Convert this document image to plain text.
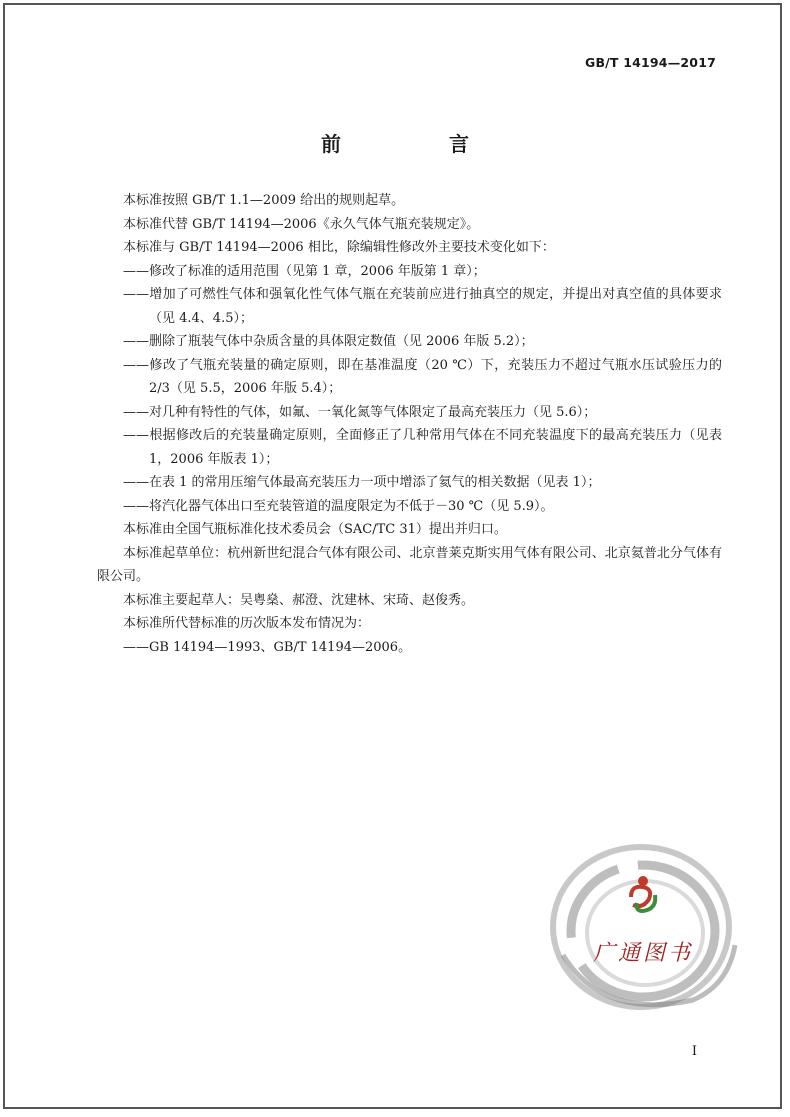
GB/T 14194—2017
前　言

本标准按照 GB/T 1.1—2009 给出的规则起草。

本标准代替 GB/T 14194—2006《永久气体气瓶充装规定》。

本标准与 GB/T 14194—2006 相比，除编辑性修改外主要技术变化如下：

——修改了标准的适用范围（见第 1 章，2006 年版第 1 章）；

——增加了可燃性气体和强氧化性气体气瓶在充装前应进行抽真空的规定，并提出对真空值的具体要求（见 4.4、4.5）；

——删除了瓶装气体中杂质含量的具体限定数值（见 2006 年版 5.2）；

——修改了气瓶充装量的确定原则，即在基准温度（20 ℃）下，充装压力不超过气瓶水压试验压力的 2/3（见 5.5，2006 年版 5.4）；

——对几种有特性的气体，如氟、一氧化氮等气体限定了最高充装压力（见 5.6）；

——根据修改后的充装量确定原则，全面修正了几种常用气体在不同充装温度下的最高充装压力（见表 1，2006 年版表 1）；

——在表 1 的常用压缩气体最高充装压力一项中增添了氦气的相关数据（见表 1）；

——将汽化器气体出口至充装管道的温度限定为不低于－30 ℃（见 5.9）。

本标准由全国气瓶标准化技术委员会（SAC/TC 31）提出并归口。

本标准起草单位：杭州新世纪混合气体有限公司、北京普莱克斯实用气体有限公司、北京氦普北分气体有限公司。

本标准主要起草人：吴粤燊、郝澄、沈建林、宋琦、赵俊秀。

本标准所代替标准的历次版本发布情况为：

——GB 14194—1993、GB/T 14194—2006。

广通图书
I
